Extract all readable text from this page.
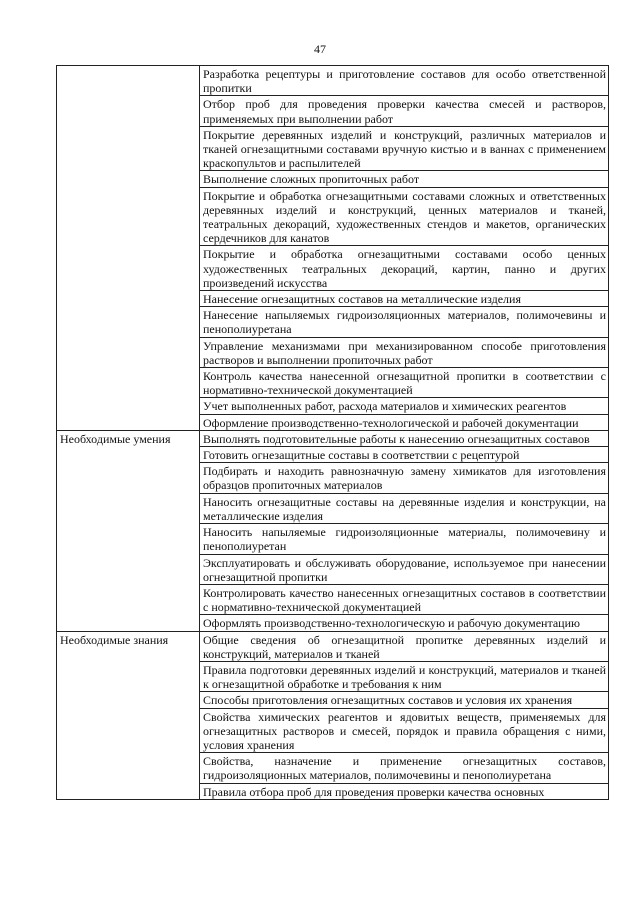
47

	Разработка рецептуры и приготовление составов для особо ответственной пропитки

	Отбор проб для проведения проверки качества смесей и растворов, применяемых при выполнении работ

	Покрытие деревянных изделий и конструкций, различных материалов и тканей огнезащитными составами вручную кистью и в ваннах с применением краскопультов и распылителей

	Выполнение сложных пропиточных работ

	Покрытие и обработка огнезащитными составами сложных и ответственных деревянных изделий и конструкций, ценных материалов и тканей, театральных декораций, художественных стендов и макетов, органических сердечников для канатов

	Покрытие и обработка огнезащитными составами особо ценных художественных театральных декораций, картин, панно и других произведений искусства

	Нанесение огнезащитных составов на металлические изделия

	Нанесение напыляемых гидроизоляционных материалов, полимочевины и пенополиуретана

	Управление механизмами при механизированном способе приготовления растворов и выполнении пропиточных работ

	Контроль качества нанесенной огнезащитной пропитки в соответствии с нормативно-технической документацией

	Учет выполненных работ, расхода материалов и химических реагентов

	Оформление производственно-технологической и рабочей документации

Необходимые умения	Выполнять подготовительные работы к нанесению огнезащитных составов

	Готовить огнезащитные составы в соответствии с рецептурой

	Подбирать и находить равнозначную замену химикатов для изготовления образцов пропиточных материалов

	Наносить огнезащитные составы на деревянные изделия и конструкции, на металлические изделия

	Наносить напыляемые гидроизоляционные материалы, полимочевину и пенополиуретан

	Эксплуатировать и обслуживать оборудование, используемое при нанесении огнезащитной пропитки

	Контролировать качество нанесенных огнезащитных составов в соответствии с нормативно-технической документацией

	Оформлять производственно-технологическую и рабочую документацию

Необходимые знания	Общие сведения об огнезащитной пропитке деревянных изделий и конструкций, материалов и тканей

	Правила подготовки деревянных изделий и конструкций, материалов и тканей к огнезащитной обработке и требования к ним

	Способы приготовления огнезащитных составов и условия их хранения

	Свойства химических реагентов и ядовитых веществ, применяемых для огнезащитных растворов и смесей, порядок и правила обращения с ними, условия хранения

	Свойства, назначение и применение огнезащитных составов, гидроизоляционных материалов, полимочевины и пенополиуретана

	Правила отбора проб для проведения проверки качества основных
